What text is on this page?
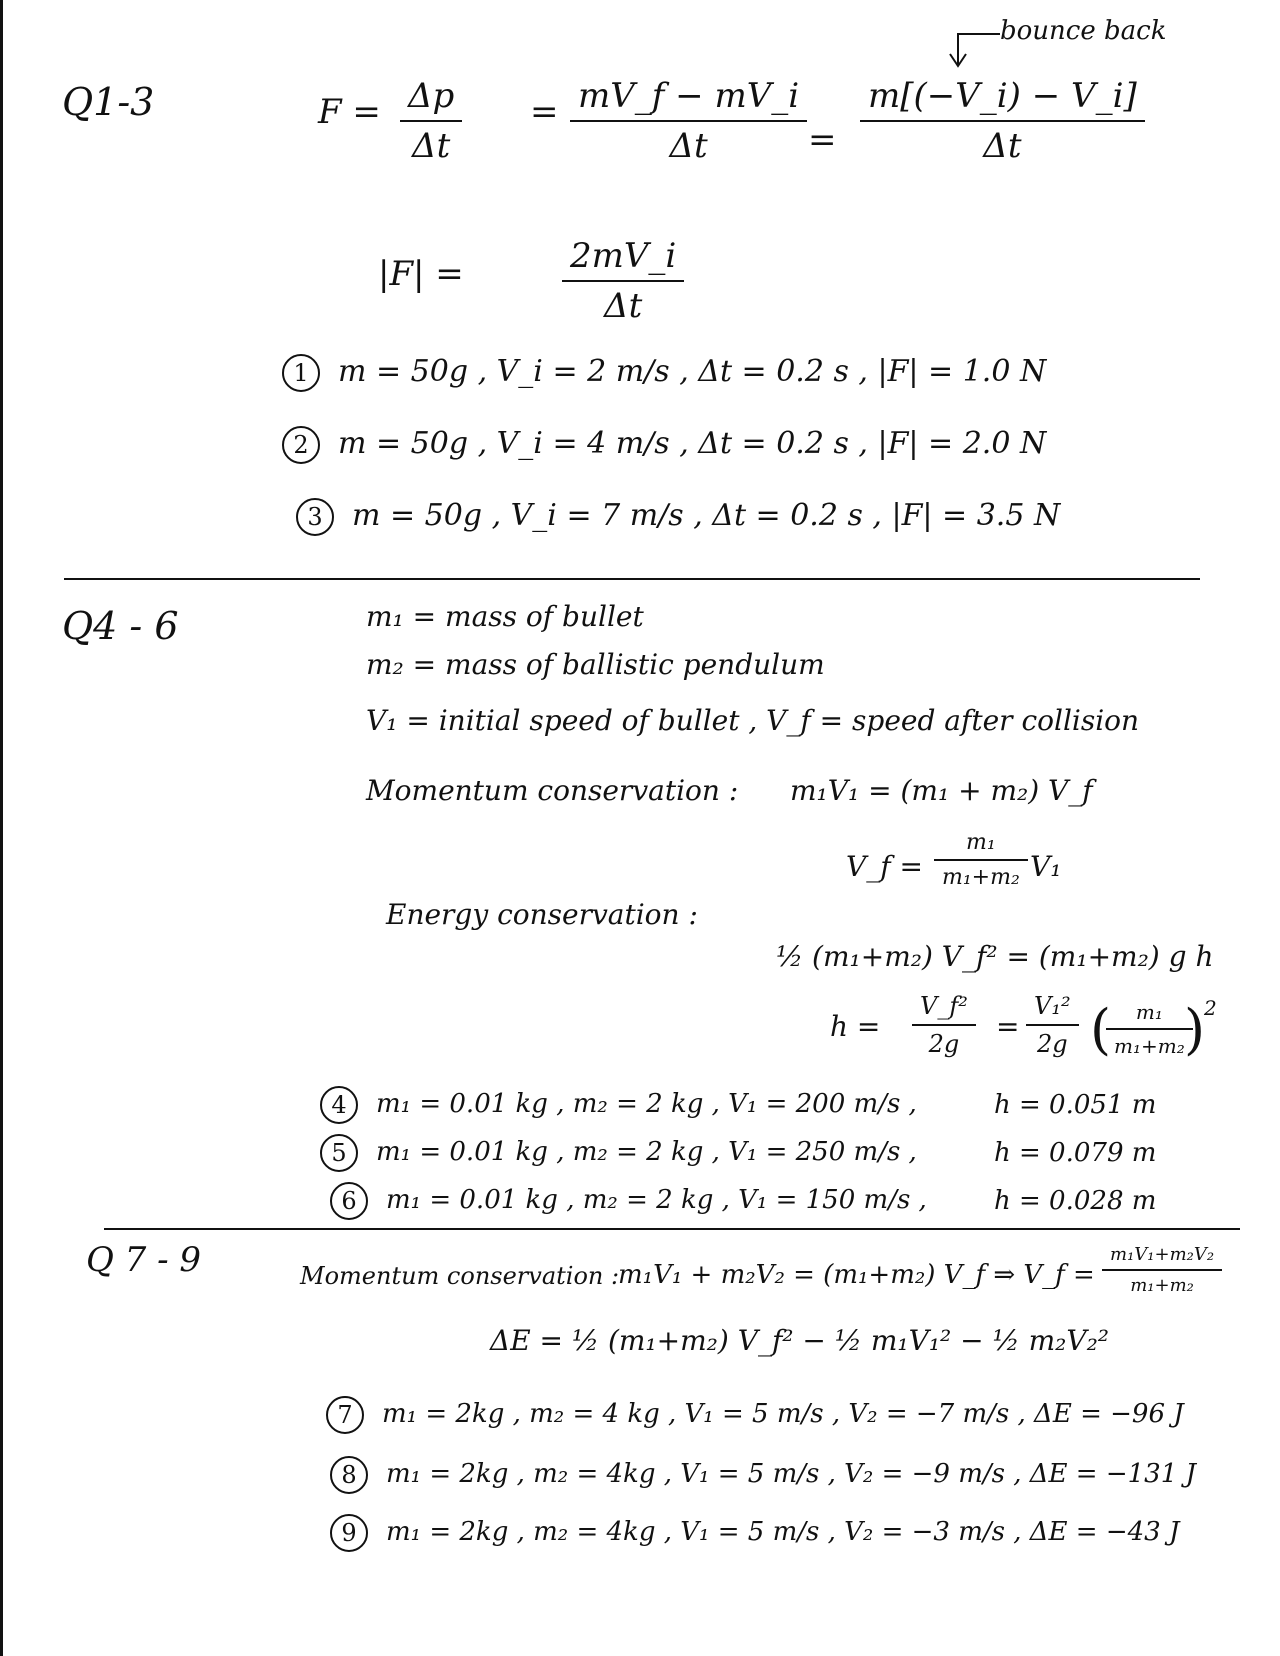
Q1-3
bounce back
$F = \frac{\Delta p}{\Delta t} = \frac{mV\_f - mV\_i}{\Delta t} = \frac{m[(-V\_i) - V\_i]}{\Delta t}$
|F| =	$\frac{2mV\_i}{\Delta t}$
1 m = 50g , V_i = 2 m/s , Δt = 0.2 s , |F| = 1.0 N
2 m = 50g , V_i = 4 m/s , Δt = 0.2 s , |F| = 2.0 N
3 m = 50g , V_i = 7 m/s , Δt = 0.2 s , |F| = 3.5 N
Q4 - 6	m₁ = mass of bullet
m₂ = mass of ballistic pendulum
V₁ = initial speed of bullet , V_f = speed after collision
Momentum conservation : m₁V₁ = (m₁ + m₂) V_f
V_f = $\frac{\text{m₁}}{\text{m₁+m₂}} V_1$
Energy conservation :
½ (m₁+m₂) V_f² = (m₁+m₂) g h
$h = \frac{\text{V\_f²}}{2g} = \frac{\text{V₁²}}{2g}$ (
$\frac{\text{m₁}}{\text{m₁+m₂}}$
)
2
4 m₁ = 0.01 kg , m₂ = 2 kg , V₁ = 200 m/s ,	h = 0.051 m
5 m₁ = 0.01 kg , m₂ = 2 kg , V₁ = 250 m/s ,	h = 0.079 m
6 m₁ = 0.01 kg , m₂ = 2 kg , V₁ = 150 m/s ,	h = 0.028 m
Q 7 - 9	Momentum conservation :
m₁V₁ + m₂V₂ = (m₁+m₂) V_f ⇒ V_f = $\frac{\text{m₁V₁+m₂V₂}}{\text{m₁+m₂}}$
ΔE = ½ (m₁+m₂) V_f² − ½ m₁V₁² − ½ m₂V₂²
7 m₁ = 2kg , m₂ = 4 kg , V₁ = 5 m/s , V₂ = −7 m/s , ΔE = −96 J
8 m₁ = 2kg , m₂ = 4kg , V₁ = 5 m/s , V₂ = −9 m/s , ΔE = −131 J
9 m₁ = 2kg , m₂ = 4kg , V₁ = 5 m/s , V₂ = −3 m/s , ΔE = −43 J
